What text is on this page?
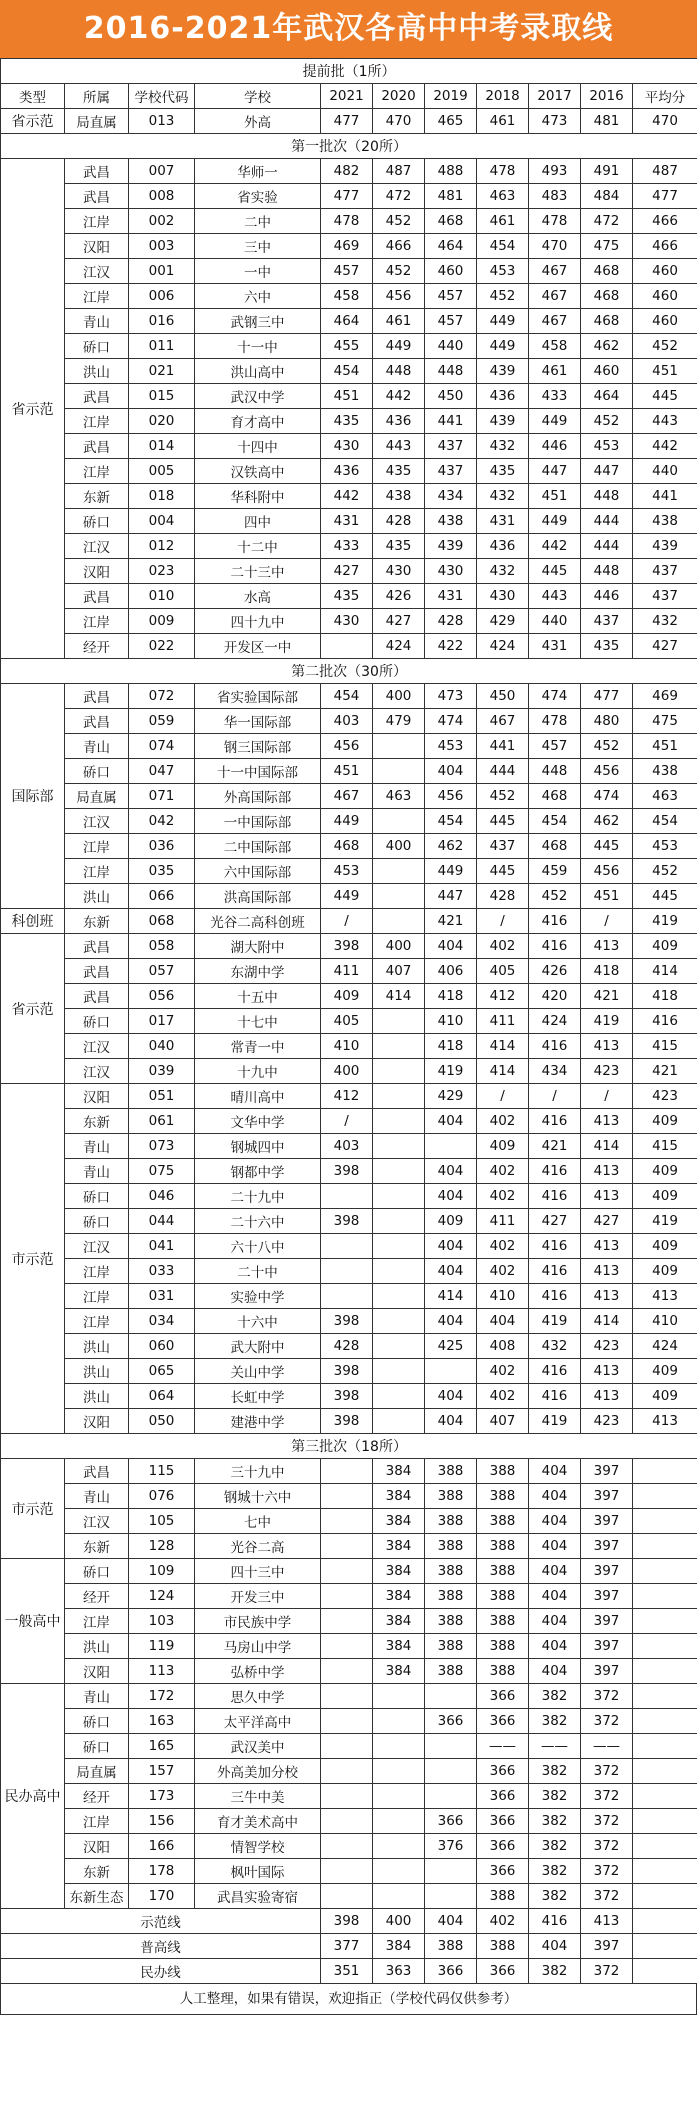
2016-2021年武汉各高中中考录取线
提前批（1所）										
类型	所属	学校代码	学校	2021	2020	2019	2018	2017	2016	平均分
省示范	局直属	013	外高	477	470	465	461	473	481	470
第一批次（20所）										
省示范	武昌	007	华师一	482	487	488	478	493	491	487
	武昌	008	省实验	477	472	481	463	483	484	477
	江岸	002	二中	478	452	468	461	478	472	466
	汉阳	003	三中	469	466	464	454	470	475	466
	江汉	001	一中	457	452	460	453	467	468	460
	江岸	006	六中	458	456	457	452	467	468	460
	青山	016	武钢三中	464	461	457	449	467	468	460
	硚口	011	十一中	455	449	440	449	458	462	452
	洪山	021	洪山高中	454	448	448	439	461	460	451
	武昌	015	武汉中学	451	442	450	436	433	464	445
	江岸	020	育才高中	435	436	441	439	449	452	443
	武昌	014	十四中	430	443	437	432	446	453	442
	江岸	005	汉铁高中	436	435	437	435	447	447	440
	东新	018	华科附中	442	438	434	432	451	448	441
	硚口	004	四中	431	428	438	431	449	444	438
	江汉	012	十二中	433	435	439	436	442	444	439
	汉阳	023	二十三中	427	430	430	432	445	448	437
	武昌	010	水高	435	426	431	430	443	446	437
	江岸	009	四十九中	430	427	428	429	440	437	432
	经开	022	开发区一中		424	422	424	431	435	427
第二批次（30所）										
国际部	武昌	072	省实验国际部	454	400	473	450	474	477	469
	武昌	059	华一国际部	403	479	474	467	478	480	475
	青山	074	钢三国际部	456		453	441	457	452	451
	硚口	047	十一中国际部	451		404	444	448	456	438
	局直属	071	外高国际部	467	463	456	452	468	474	463
	江汉	042	一中国际部	449		454	445	454	462	454
	江岸	036	二中国际部	468	400	462	437	468	445	453
	江岸	035	六中国际部	453		449	445	459	456	452
	洪山	066	洪高国际部	449		447	428	452	451	445
科创班	东新	068	光谷二高科创班	/		421	/	416	/	419
省示范	武昌	058	湖大附中	398	400	404	402	416	413	409
	武昌	057	东湖中学	411	407	406	405	426	418	414
	武昌	056	十五中	409	414	418	412	420	421	418
	硚口	017	十七中	405		410	411	424	419	416
	江汉	040	常青一中	410		418	414	416	413	415
	江汉	039	十九中	400		419	414	434	423	421
市示范	汉阳	051	晴川高中	412		429	/	/	/	423
	东新	061	文华中学	/		404	402	416	413	409
	青山	073	钢城四中	403			409	421	414	415
	青山	075	钢都中学	398		404	402	416	413	409
	硚口	046	二十九中			404	402	416	413	409
	硚口	044	二十六中	398		409	411	427	427	419
	江汉	041	六十八中			404	402	416	413	409
	江岸	033	二十中			404	402	416	413	409
	江岸	031	实验中学			414	410	416	413	413
	江岸	034	十六中	398		404	404	419	414	410
	洪山	060	武大附中	428		425	408	432	423	424
	洪山	065	关山中学	398			402	416	413	409
	洪山	064	长虹中学	398		404	402	416	413	409
	汉阳	050	建港中学	398		404	407	419	423	413
第三批次（18所）										
市示范	武昌	115	三十九中		384	388	388	404	397	
	青山	076	钢城十六中		384	388	388	404	397	
	江汉	105	七中		384	388	388	404	397	
	东新	128	光谷二高		384	388	388	404	397	
一般高中	硚口	109	四十三中		384	388	388	404	397	
	经开	124	开发三中		384	388	388	404	397	
	江岸	103	市民族中学		384	388	388	404	397	
	洪山	119	马房山中学		384	388	388	404	397	
	汉阳	113	弘桥中学		384	388	388	404	397	
民办高中	青山	172	思久中学				366	382	372	
	硚口	163	太平洋高中			366	366	382	372	
	硚口	165	武汉美中				——	——	——	
	局直属	157	外高美加分校				366	382	372	
	经开	173	三牛中美				366	382	372	
	江岸	156	育才美术高中			366	366	382	372	
	汉阳	166	情智学校			376	366	382	372	
	东新	178	枫叶国际				366	382	372	
	东新生态	170	武昌实验寄宿				388	382	372	
示范线				398	400	404	402	416	413	
普高线				377	384	388	388	404	397	
民办线				351	363	366	366	382	372	
人工整理，如果有错误，欢迎指正（学校代码仅供参考）
